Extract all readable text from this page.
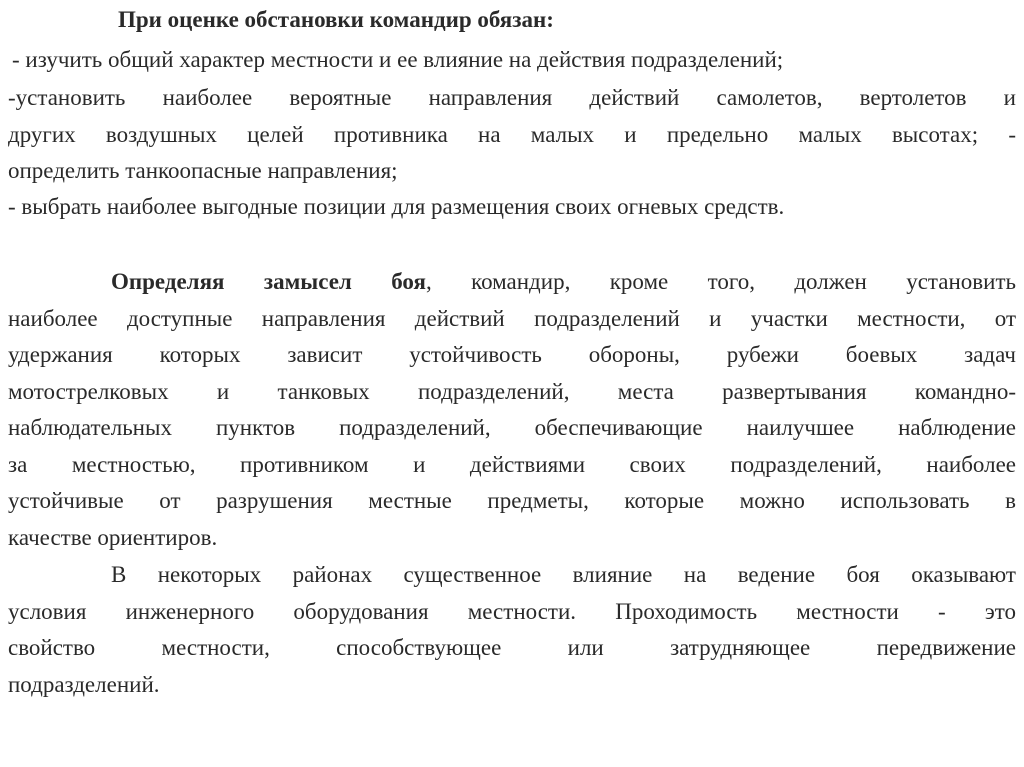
При оценке обстановки командир обязан:

- изучить общий характер местности и ее влияние на действия подразделений;

-установить наиболее вероятные направления действий самолетов, вертолетов и

других воздушных целей противника на малых и предельно малых высотах; -

определить танкоопасные направления;

- выбрать наиболее выгодные позиции для размещения своих огневых средств.

Определяя замысел боя, командир, кроме того, должен установить
наиболее доступные направления действий подразделений и участки местности, от
удержания которых зависит устойчивость обороны, рубежи боевых задач
мотострелковых и танковых подразделений, места развертывания командно-
наблюдательных пунктов подразделений, обеспечивающие наилучшее наблюдение
за местностью, противником и действиями своих подразделений, наиболее
устойчивые от разрушения местные предметы, которые можно использовать в
качестве ориентиров.
В некоторых районах существенное влияние на ведение боя оказывают
условия инженерного оборудования местности. Проходимость местности - это
свойство местности, способствующее или затрудняющее передвижение
подразделений.
